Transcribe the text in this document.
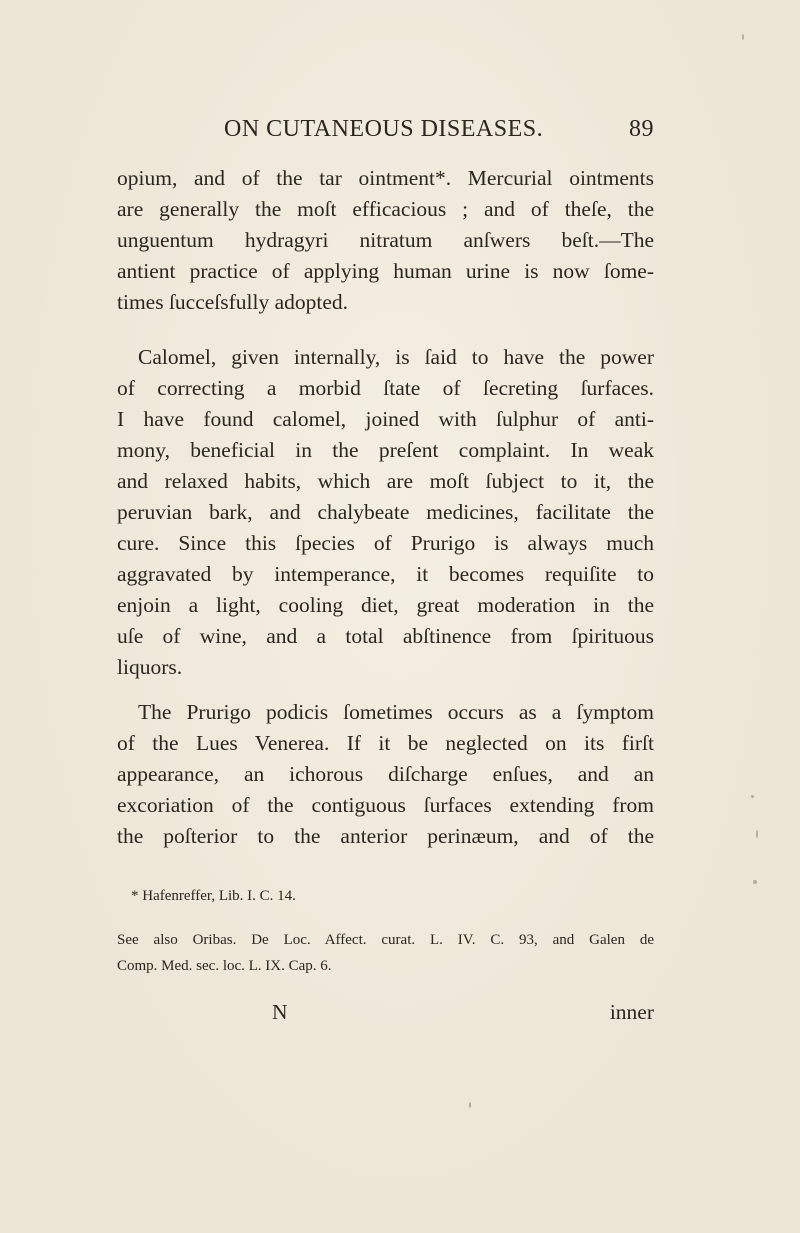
ON CUTANEOUS DISEASES.	89
opium, and of the tar ointment*. Mercurial ointments
are generally the moſt efficacious ; and of theſe, the
unguentum hydragyri nitratum anſwers beſt.—The
antient practice of applying human urine is now ſome-
times ſucceſsfully adopted.
Calomel, given internally, is ſaid to have the power
of correcting a morbid ſtate of ſecreting ſurfaces.
I have found calomel, joined with ſulphur of anti-
mony, beneficial in the preſent complaint. In weak
and relaxed habits, which are moſt ſubject to it, the
peruvian bark, and chalybeate medicines, facilitate the
cure. Since this ſpecies of Prurigo is always much
aggravated by intemperance, it becomes requiſite to
enjoin a light, cooling diet, great moderation in the
uſe of wine, and a total abſtinence from ſpirituous
liquors.
The Prurigo podicis ſometimes occurs as a ſymptom
of the Lues Venerea. If it be neglected on its firſt
appearance, an ichorous diſcharge enſues, and an
excoriation of the contiguous ſurfaces extending from
the poſterior to the anterior perinæum, and of the
* Hafenreffer, Lib. I. C. 14.
See also Oribas. De Loc. Affect. curat. L. IV. C. 93, and Galen de
Comp. Med. sec. loc. L. IX. Cap. 6.
N	inner
